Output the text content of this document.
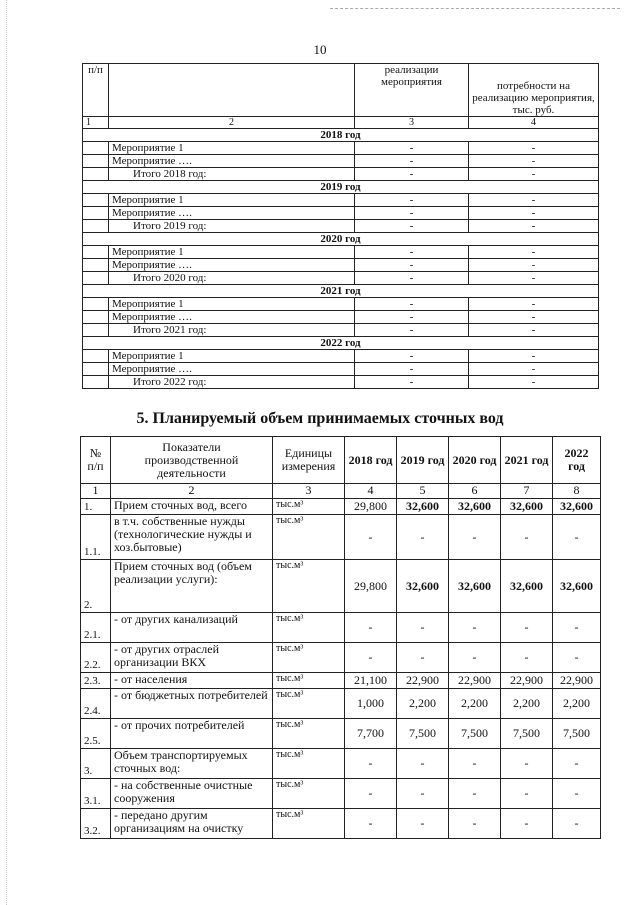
10
п/п		реализации мероприятия	потребности на реализацию мероприятия, тыс. руб.
1	2	3	4
2018 год			
	Мероприятие 1	-	-
	Мероприятие ….	-	-
	Итого 2018 год:	-	-
2019 год			
	Мероприятие 1	-	-
	Мероприятие ….	-	-
	Итого 2019 год:	-	-
2020 год			
	Мероприятие 1	-	-
	Мероприятие ….	-	-
	Итого 2020 год:	-	-
2021 год			
	Мероприятие 1	-	-
	Мероприятие ….	-	-
	Итого 2021 год:	-	-
2022 год			
	Мероприятие 1	-	-
	Мероприятие ….	-	-
	Итого 2022 год:	-	-
5. Планируемый объем принимаемых сточных вод
№ п/п	Показатели производственной деятельности	Единицы измерения	2018 год	2019 год	2020 год	2021 год	2022 год
1	2	3	4	5	6	7	8
1.	Прием сточных вод, всего	тыс.м³	29,800	32,600	32,600	32,600	32,600
1.1.	в т.ч. собственные нужды (технологические нужды и хоз.бытовые)	тыс.м³	-	-	-	-	-
2.	Прием сточных вод (объем реализации услуги):	тыс.м³	29,800	32,600	32,600	32,600	32,600
2.1.	- от других канализаций	тыс.м³	-	-	-	-	-
2.2.	- от других отраслей организации ВКХ	тыс.м³	-	-	-	-	-
2.3.	- от населения	тыс.м³	21,100	22,900	22,900	22,900	22,900
2.4.	- от бюджетных потребителей	тыс.м³	1,000	2,200	2,200	2,200	2,200
2.5.	- от прочих потребителей	тыс.м³	7,700	7,500	7,500	7,500	7,500
3.	Объем транспортируемых сточных вод:	тыс.м³	-	-	-	-	-
3.1.	- на собственные очистные сооружения	тыс.м³	-	-	-	-	-
3.2.	- передано другим организациям на очистку	тыс.м³	-	-	-	-	-
